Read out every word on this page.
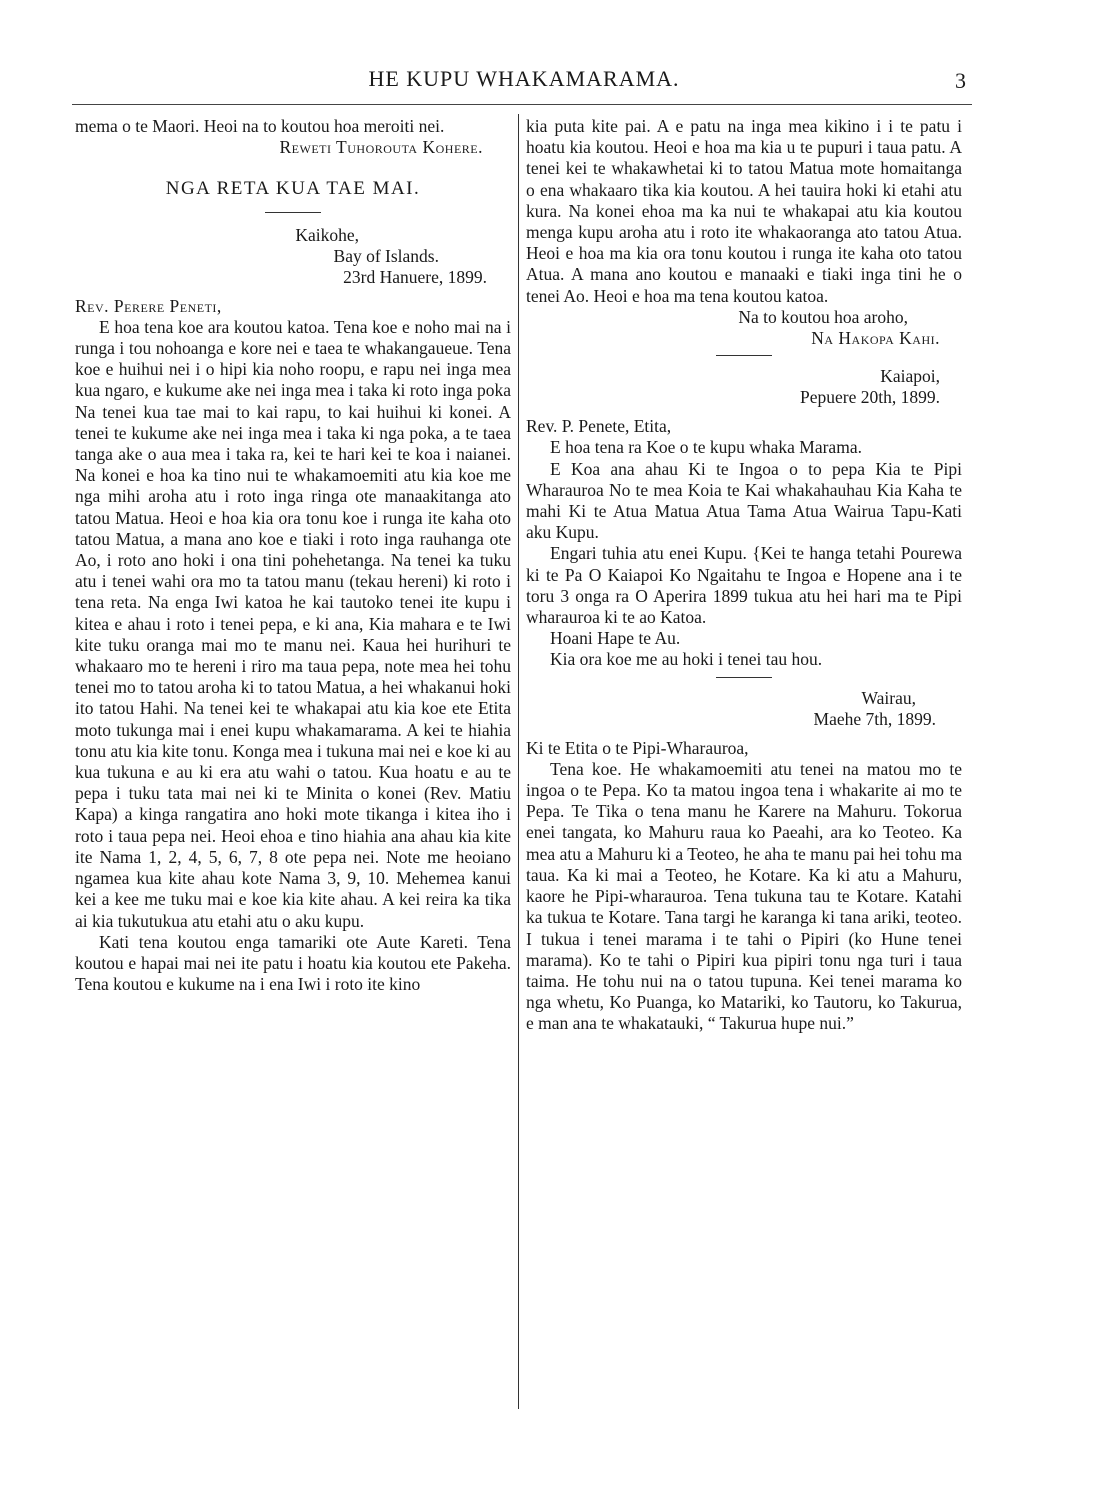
HE KUPU WHAKAMARAMA.	3

mema o te Maori. Heoi na to koutou hoa meroiti nei.

Reweti Tuhorouta Kohere.

NGA RETA KUA TAE MAI.

Kaikohe,
Bay of Islands.
23rd Hanuere, 1899.

Rev. Perere Peneti,

E hoa tena koe ara koutou katoa. Tena koe e noho mai na i runga i tou nohoanga e kore nei e taea te whakangaueue. Tena koe e huihui nei i o hipi kia noho roopu, e rapu nei inga mea kua ngaro, e kukume ake nei inga mea i taka ki roto inga poka Na tenei kua tae mai to kai rapu, to kai huihui ki konei. A tenei te kukume ake nei inga mea i taka ki nga poka, a te taea tanga ake o aua mea i taka ra, kei te hari kei te koa i naianei. Na konei e hoa ka tino nui te whakamoemiti atu kia koe me nga mihi aroha atu i roto inga ringa ote manaakitanga ato tatou Matua. Heoi e hoa kia ora tonu koe i runga ite kaha oto tatou Matua, a mana ano koe e tiaki i roto inga rauhanga ote Ao, i roto ano hoki i ona tini pohehetanga. Na tenei ka tuku atu i tenei wahi ora mo ta tatou manu (tekau hereni) ki roto i tena reta. Na enga Iwi katoa he kai tautoko tenei ite kupu i kitea e ahau i roto i tenei pepa, e ki ana, Kia mahara e te Iwi kite tuku oranga mai mo te manu nei. Kaua hei hurihuri te whakaaro mo te hereni i riro ma taua pepa, note mea hei tohu tenei mo to tatou aroha ki to tatou Matua, a hei whakanui hoki ito tatou Hahi. Na tenei kei te whakapai atu kia koe ete Etita moto tukunga mai i enei kupu whakamarama. A kei te hiahia tonu atu kia kite tonu. Konga mea i tukuna mai nei e koe ki au kua tukuna e au ki era atu wahi o tatou. Kua hoatu e au te pepa i tuku tata mai nei ki te Minita o konei (Rev. Matiu Kapa) a kinga rangatira ano hoki mote tikanga i kitea iho i roto i taua pepa nei. Heoi ehoa e tino hiahia ana ahau kia kite ite Nama 1, 2, 4, 5, 6, 7, 8 ote pepa nei. Note me heoiano ngamea kua kite ahau kote Nama 3, 9, 10. Mehemea kanui kei a kee me tuku mai e koe kia kite ahau. A kei reira ka tika ai kia tukutukua atu etahi atu o aku kupu.

Kati tena koutou enga tamariki ote Aute Kareti. Tena koutou e hapai mai nei ite patu i hoatu kia koutou ete Pakeha. Tena koutou e kukume na i ena Iwi i roto ite kino

kia puta kite pai. A e patu na inga mea kikino i i te patu i hoatu kia koutou. Heoi e hoa ma kia u te pupuri i taua patu. A tenei kei te whakawhetai ki to tatou Matua mote homaitanga o ena whakaaro tika kia koutou. A hei tauira hoki ki etahi atu kura. Na konei ehoa ma ka nui te whakapai atu kia koutou menga kupu aroha atu i roto ite whakaoranga ato tatou Atua. Heoi e hoa ma kia ora tonu koutou i runga ite kaha oto tatou Atua. A mana ano koutou e manaaki e tiaki inga tini he o tenei Ao. Heoi e hoa ma tena koutou katoa.

Na to koutou hoa aroho,

Na Hakopa Kahi.

Kaiapoi,
Pepuere 20th, 1899.

Rev. P. Penete, Etita,

E hoa tena ra Koe o te kupu whaka Marama.

E Koa ana ahau Ki te Ingoa o to pepa Kia te Pipi Wharauroa No te mea Koia te Kai whakahauhau Kia Kaha te mahi Ki te Atua Matua Atua Tama Atua Wairua Tapu-Kati aku Kupu.

Engari tuhia atu enei Kupu. {Kei te hanga tetahi Pourewa ki te Pa O Kaiapoi Ko Ngaitahu te Ingoa e Hopene ana i te toru 3 onga ra O Aperira 1899 tukua atu hei hari ma te Pipi wharauroa ki te ao Katoa.

Hoani Hape te Au.

Kia ora koe me au hoki i tenei tau hou.

Wairau,
Maehe 7th, 1899.

Ki te Etita o te Pipi-Wharauroa,

Tena koe. He whakamoemiti atu tenei na matou mo te ingoa o te Pepa. Ko ta matou ingoa tena i whakarite ai mo te Pepa. Te Tika o tena manu he Karere na Mahuru. Tokorua enei tangata, ko Mahuru raua ko Paeahi, ara ko Teoteo. Ka mea atu a Mahuru ki a Teoteo, he aha te manu pai hei tohu ma taua. Ka ki mai a Teoteo, he Kotare. Ka ki atu a Mahuru, kaore he Pipi-wharauroa. Tena tukuna tau te Kotare. Katahi ka tukua te Kotare. Tana targi he karanga ki tana ariki, teoteo. I tukua i tenei marama i te tahi o Pipiri (ko Hune tenei marama). Ko te tahi o Pipiri kua pipiri tonu nga turi i taua taima. He tohu nui na o tatou tupuna. Kei tenei marama ko nga whetu, Ko Puanga, ko Matariki, ko Tautoru, ko Takurua, e man ana te whakatauki, “ Takurua hupe nui.”
